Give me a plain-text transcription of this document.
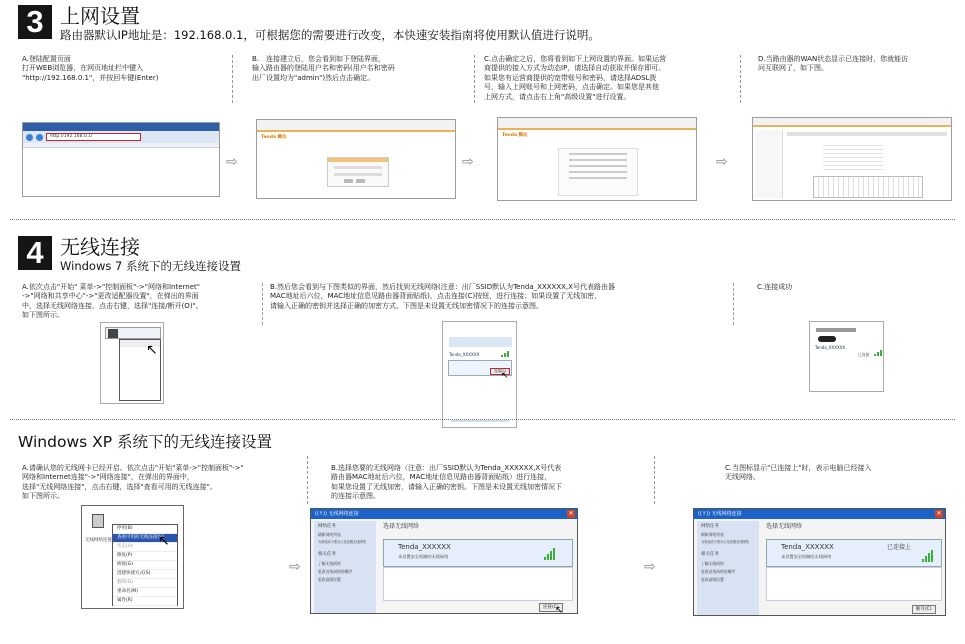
3 上网设置
路由器默认IP地址是：192.168.0.1，可根据您的需要进行改变，本快速安装指南将使用默认值进行说明。
A.登陆配置页面
打开WEB浏览器，在网页地址栏中键入
"http://192.168.0.1"，并按回车键(Enter)
B.　连接建立后，您会看到如下登陆界面，
输入路由器的登陆用户名和密码(用户名和密码
出厂设置均为"admin")然后点击确定。
C.点击确定之后，您将看到如下上网设置的界面。如果运营
商提供的接入方式为动态IP，请选择自动获取并保存即可。
如果您有运营商提供的宽带账号和密码，请选择ADSL拨
号，输入上网账号和上网密码，点击确定。如果您是其他
上网方式，请点击右上角"高级设置"进行设置。
D.当路由器的WAN状态显示已连接时，您就能访
问互联网了，如下图。
http://192.168.0.1/
⇨
Tenda 腾达
⇨
Tenda 腾达
⇨
4 无线连接
Windows 7 系统下的无线连接设置
A.依次点击"开始" 菜单->"控制面板"->"网络和Internet"
->"网络和共享中心"->"更改适配器设置"，在弹出的界面
中，选择无线网络连接，点击右键，选择"连接/断开(O)"。
如下图所示。
B.然后您会看到与下图类似的界面，然后找到无线网络(注意：出厂SSID默认为Tenda_XXXXXX,X号代表路由器
MAC地址后六位，MAC地址信息见路由器背面贴纸)，点击连接(C)按钮，进行连接；如果设置了无线加密，
请输入正确的密钥并选择正确的加密方式。下图是未设置无线加密情况下的连接示意图。
C.连接成功
↖	Tenda_XXXXXX
连接(C)
↖
Tenda_XXXXXX
已连接
Windows XP 系统下的无线连接设置
A.请确认您的无线网卡已经开启。依次点击"开始"菜单->"控制面板"->"
网络和Internet连接"->"网络连接"，在弹出的界面中，
选择"无线网络连接"，点击右键，选择"查看可用的无线连接"。
如下图所示。
B.选择您要的无线网络（注意：出厂SSID默认为Tenda_XXXXXX,X号代表
路由器MAC地址后六位，MAC地址信息见路由器背面贴纸）进行连接，
如果您设置了无线加密，请输入正确的密钥。下图是未设置无线加密情况下
的连接示意图。
C.当图标显示"已连接上"时，表示电脑已经接入
无线网络。
无线网络连接
停用(B)
查看可用的无线连接(V)
状态(U)
修复(P)
桥接(G)
创建快捷方式(S)
删除(D)
重命名(M)
属性(R)
↖
⇨
((↑)) 无线网络连接	✕
网络任务
刷新网络列表
为家庭或小型办公室设置无线网络
相关任务
了解无线网络
更改首选网络的顺序
更改高级设置
选择无线网络
Tenda_XXXXXX
未设置安全机制的无线网络
连接(C)
↖
⇨
((↑)) 无线网络连接	✕
网络任务
刷新网络列表
为家庭或小型办公室设置无线网络
相关任务
了解无线网络
更改首选网络的顺序
更改高级设置
选择无线网络
Tenda_XXXXXX
未设置安全机制的无线网络
已连接上
断开(C)
